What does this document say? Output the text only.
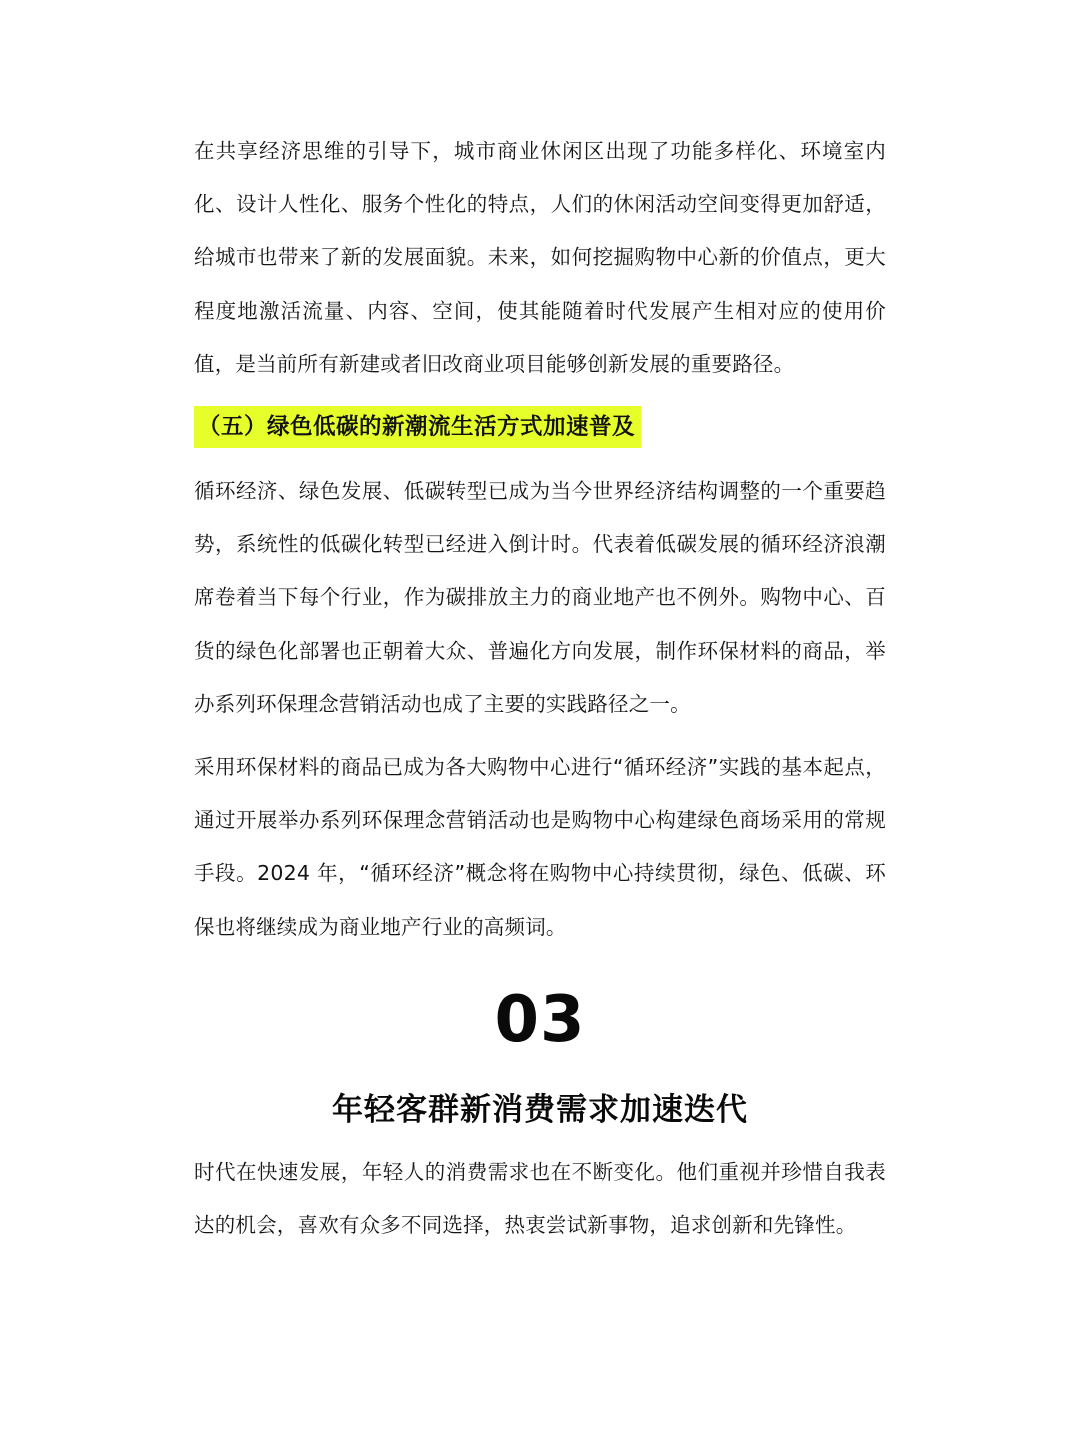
在共享经济思维的引导下，城市商业休闲区出现了功能多样化、环境室内化、设计人性化、服务个性化的特点，人们的休闲活动空间变得更加舒适，给城市也带来了新的发展面貌。未来，如何挖掘购物中心新的价值点，更大程度地激活流量、内容、空间，使其能随着时代发展产生相对应的使用价值，是当前所有新建或者旧改商业项目能够创新发展的重要路径。

（五）绿色低碳的新潮流生活方式加速普及

循环经济、绿色发展、低碳转型已成为当今世界经济结构调整的一个重要趋势，系统性的低碳化转型已经进入倒计时。代表着低碳发展的循环经济浪潮席卷着当下每个行业，作为碳排放主力的商业地产也不例外。购物中心、百货的绿色化部署也正朝着大众、普遍化方向发展，制作环保材料的商品，举办系列环保理念营销活动也成了主要的实践路径之一。

采用环保材料的商品已成为各大购物中心进行“循环经济”实践的基本起点，通过开展举办系列环保理念营销活动也是购物中心构建绿色商场采用的常规手段。2024 年，“循环经济”概念将在购物中心持续贯彻，绿色、低碳、环保也将继续成为商业地产行业的高频词。

03
年轻客群新消费需求加速迭代

时代在快速发展，年轻人的消费需求也在不断变化。他们重视并珍惜自我表达的机会，喜欢有众多不同选择，热衷尝试新事物，追求创新和先锋性。
